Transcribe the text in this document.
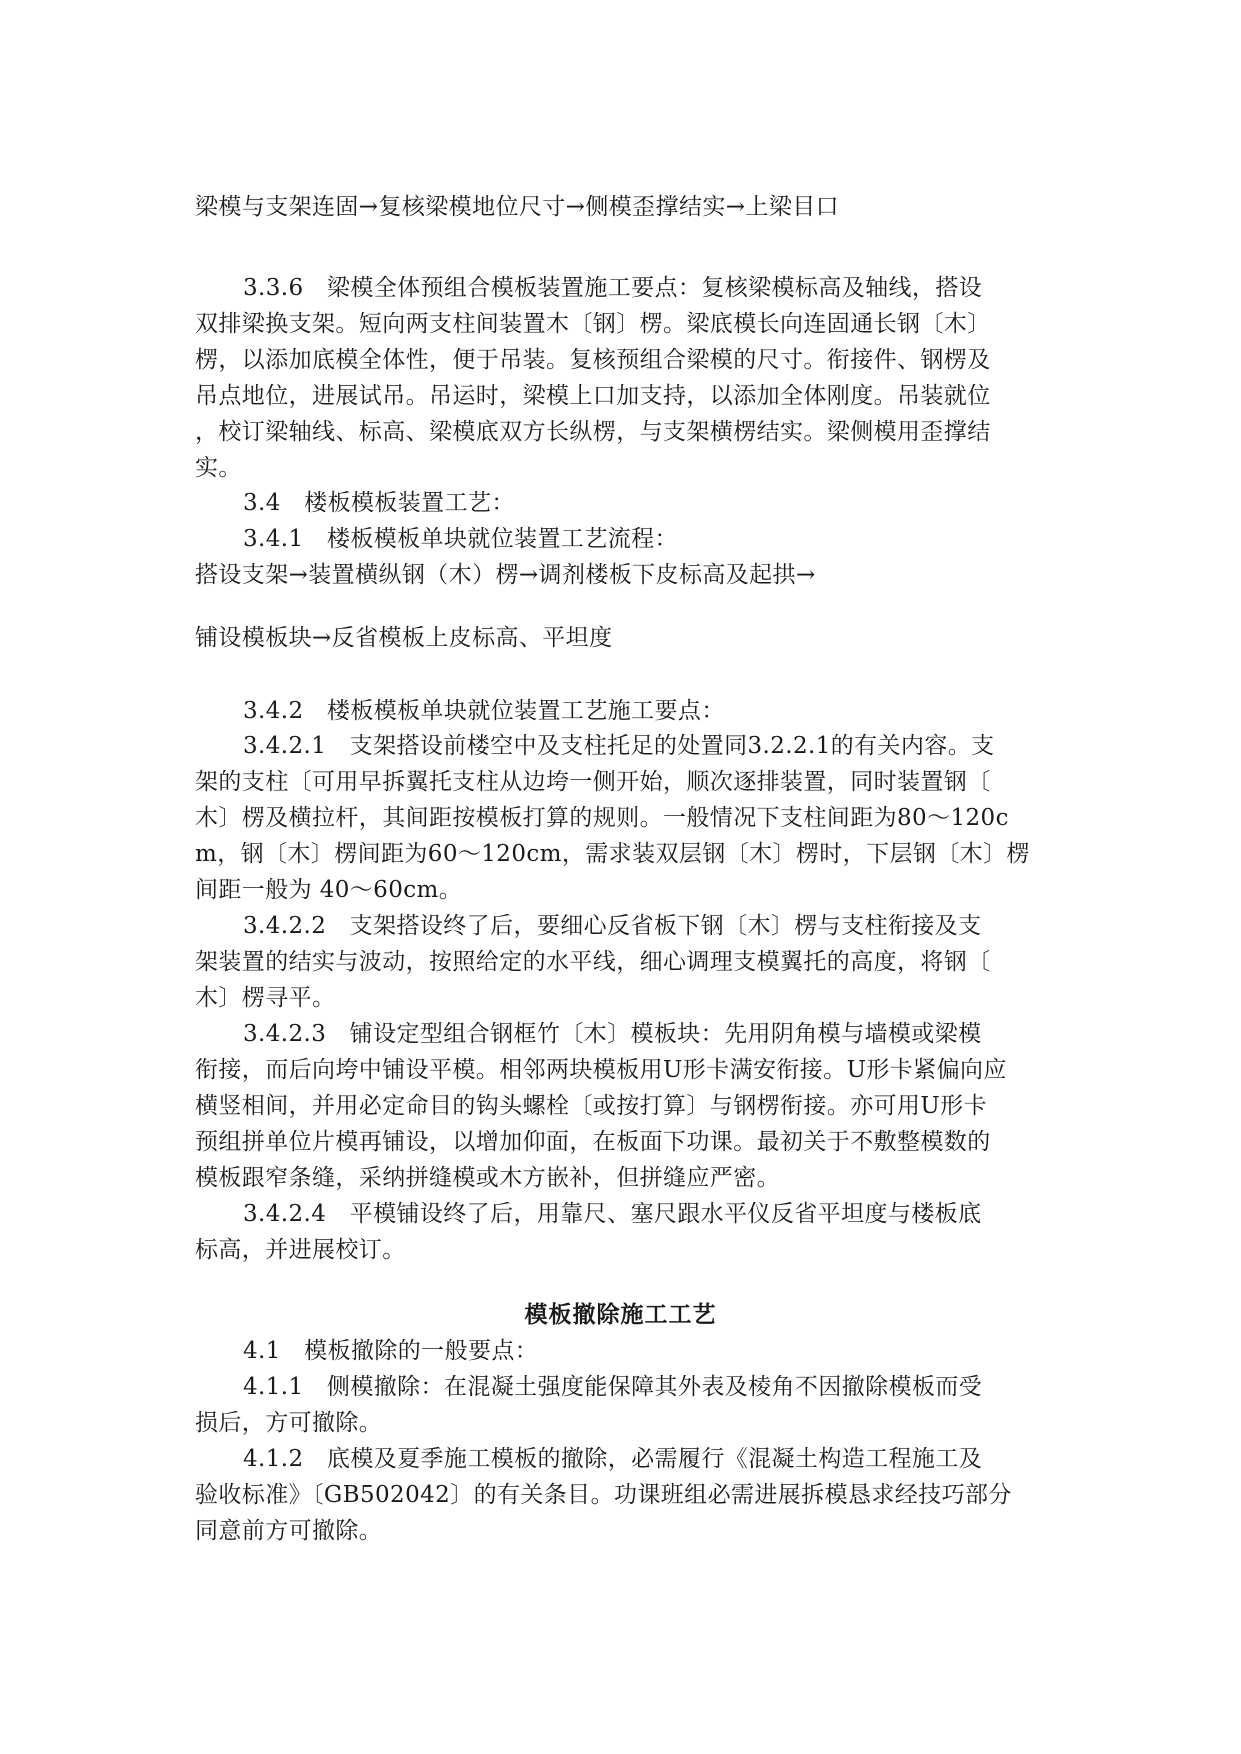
梁模与支架连固→复核梁模地位尺寸→侧模歪撑结实→上梁目口
3.3.6　梁模全体预组合模板装置施工要点：复核梁模标高及轴线，搭设
双排梁换支架。短向两支柱间装置木〔钢〕楞。梁底模长向连固通长钢〔木〕
楞，以添加底模全体性，便于吊装。复核预组合梁模的尺寸。衔接件、钢楞及
吊点地位，进展试吊。吊运时，梁模上口加支持，以添加全体刚度。吊装就位
，校订梁轴线、标高、梁模底双方长纵楞，与支架横楞结实。梁侧模用歪撑结
实。
3.4　楼板模板装置工艺：
3.4.1　楼板模板单块就位装置工艺流程：
搭设支架→装置横纵钢（木）楞→调剂楼板下皮标高及起拱→
铺设模板块→反省模板上皮标高、平坦度
3.4.2　楼板模板单块就位装置工艺施工要点：
3.4.2.1　支架搭设前楼空中及支柱托足的处置同3.2.2.1的有关内容。支
架的支柱〔可用早拆翼托支柱从边垮一侧开始，顺次逐排装置，同时装置钢〔
木〕楞及横拉杆，其间距按模板打算的规则。一般情况下支柱间距为80～120c
m，钢〔木〕楞间距为60～120cm，需求装双层钢〔木〕楞时，下层钢〔木〕楞
间距一般为 40～60cm。
3.4.2.2　支架搭设终了后，要细心反省板下钢〔木〕楞与支柱衔接及支
架装置的结实与波动，按照给定的水平线，细心调理支模翼托的高度，将钢〔
木〕楞寻平。
3.4.2.3　铺设定型组合钢框竹〔木〕模板块：先用阴角模与墙模或梁模
衔接，而后向垮中铺设平模。相邻两块模板用U形卡满安衔接。U形卡紧偏向应
横竖相间，并用必定命目的钩头螺栓〔或按打算〕与钢楞衔接。亦可用U形卡
预组拼单位片模再铺设，以增加仰面，在板面下功课。最初关于不敷整模数的
模板跟窄条缝，采纳拼缝模或木方嵌补，但拼缝应严密。
3.4.2.4　平模铺设终了后，用靠尺、塞尺跟水平仪反省平坦度与楼板底
标高，并进展校订。
模板撤除施工工艺
4.1　模板撤除的一般要点：
4.1.1　侧模撤除：在混凝土强度能保障其外表及棱角不因撤除模板而受
损后，方可撤除。
4.1.2　底模及夏季施工模板的撤除，必需履行《混凝土构造工程施工及
验收标准》〔GB502042〕的有关条目。功课班组必需进展拆模恳求经技巧部分
同意前方可撤除。
